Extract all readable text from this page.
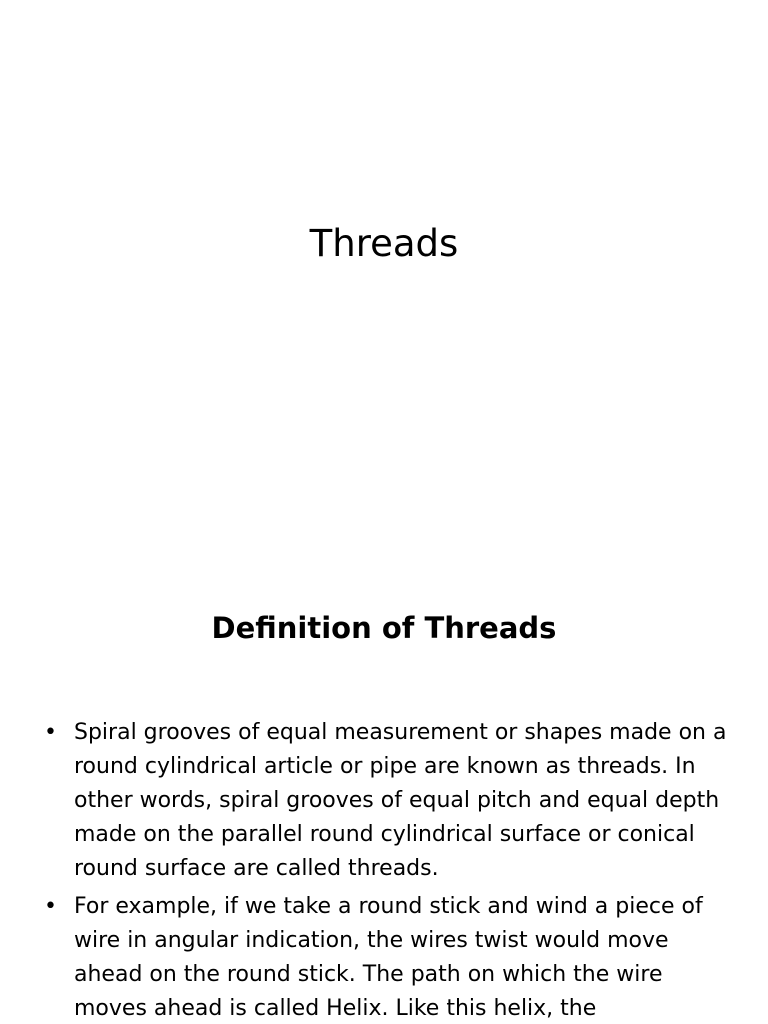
Threads
Definition of Threads
• Spiral grooves of equal measurement or shapes made on a round cylindrical article or pipe are known as threads. In other words, spiral grooves of equal pitch and equal depth made on the parallel round cylindrical surface or conical round surface are called threads.
• For example, if we take a round stick and wind a piece of wire in angular indication, the wires twist would move ahead on the round stick. The path on which the wire moves ahead is called Helix. Like this helix, the
